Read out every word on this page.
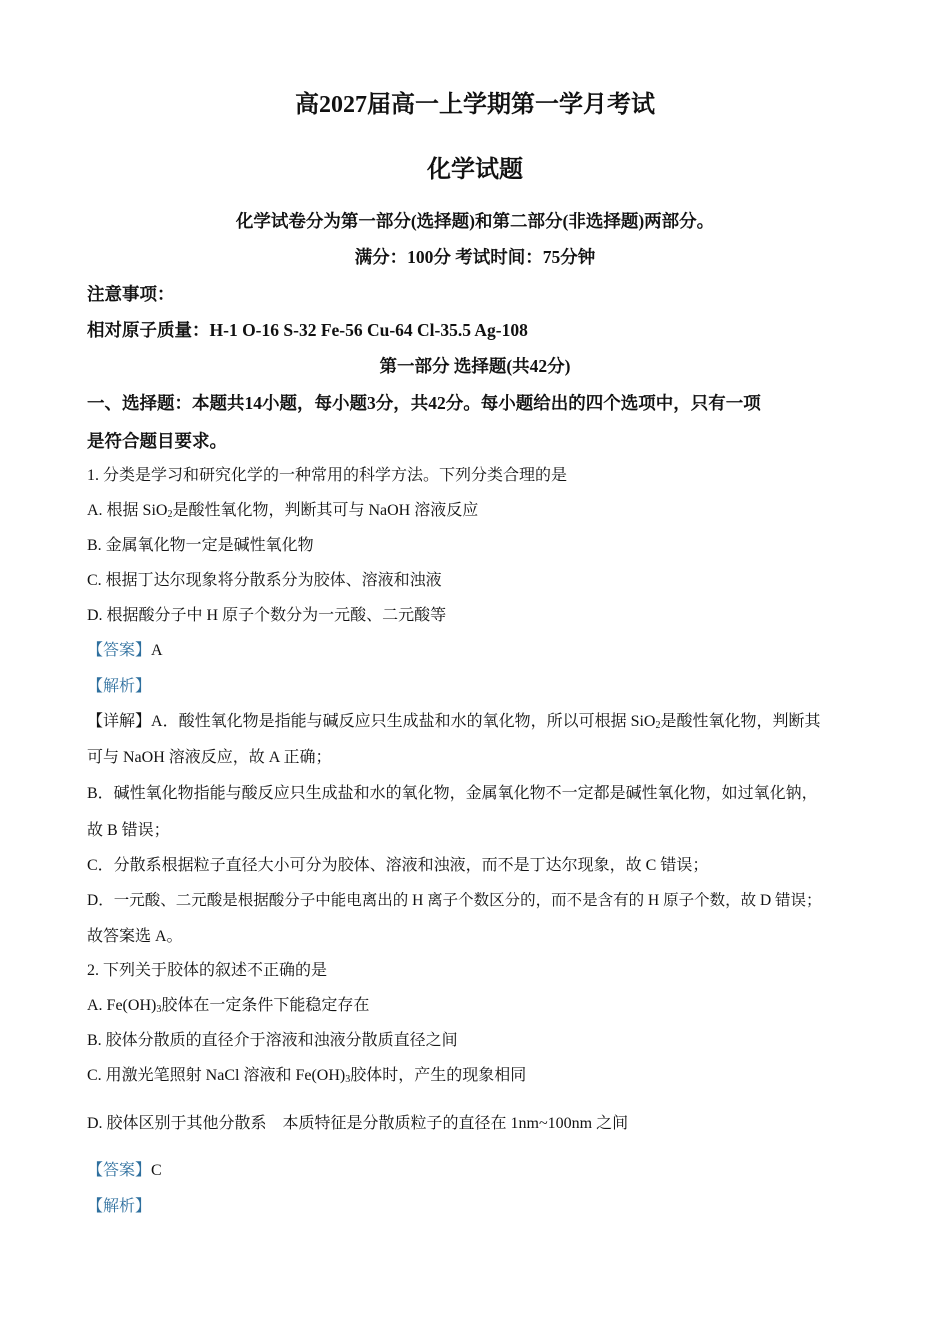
高2027届高一上学期第一学月考试
化学试题
化学试卷分为第一部分(选择题)和第二部分(非选择题)两部分。
满分：100分 考试时间：75分钟
注意事项：
相对原子质量：H-1 O-16 S-32 Fe-56 Cu-64 Cl-35.5 Ag-108
第一部分 选择题(共42分)
一、选择题：本题共14小题，每小题3分，共42分。每小题给出的四个选项中，只有一项
是符合题目要求。
1. 分类是学习和研究化学的一种常用的科学方法。下列分类合理的是
A. 根据 SiO$_2$是酸性氧化物，判断其可与 NaOH 溶液反应
B. 金属氧化物一定是碱性氧化物
C. 根据丁达尔现象将分散系分为胶体、溶液和浊液
D. 根据酸分子中 H 原子个数分为一元酸、二元酸等
【答案】A
【解析】
【详解】A．酸性氧化物是指能与碱反应只生成盐和水的氧化物，所以可根据 SiO$_2$是酸性氧化物，判断其
可与 NaOH 溶液反应，故 A 正确；
B．碱性氧化物指能与酸反应只生成盐和水的氧化物，金属氧化物不一定都是碱性氧化物，如过氧化钠，
故 B 错误；
C．分散系根据粒子直径大小可分为胶体、溶液和浊液，而不是丁达尔现象，故 C 错误；
D．一元酸、二元酸是根据酸分子中能电离出的 H 离子个数区分的，而不是含有的 H 原子个数，故 D 错误；
故答案选 A。
2. 下列关于胶体的叙述不正确的是
A. $Fe(OH)_3$胶体在一定条件下能稳定存在
B. 胶体分散质的直径介于溶液和浊液分散质直径之间
C. 用激光笔照射 NaCl 溶液和 $Fe(OH)_3$胶体时，产生的现象相同
D. 胶体区别于其他分散系    本质特征是分散质粒子的直径在 1nm~100nm 之间
【答案】C
【解析】
